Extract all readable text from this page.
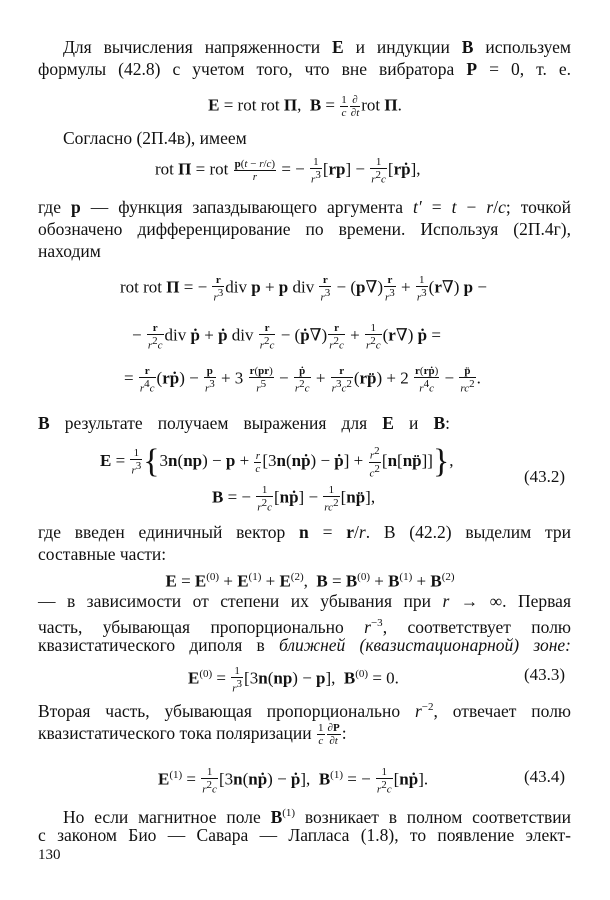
Для вычисления напряженности E и индукции B используем
формулы (42.8) с учетом того, что вне вибратора P = 0, т. е.
E = rot rot Π,  $B = \frac{1}{c} \frac{\partial}{\partial t}$ rot Π.
Согласно (2П.4в), имеем
rot Π = rot $\frac{p(t - r/c)}{r}$ = − $\frac{1}{r^3} [rp] - \frac{1}{r^2c}$ [rṗ],
где p — функция запаздывающего аргумента t′ = t − r/c; точкой
обозначено дифференцирование по времени. Используя (2П.4г),
находим
rot rot Π = − $\frac{r}{r^3}$ div p + p div $\frac{r}{r^3} - (p\nabla) \frac{r}{r^3} + \frac{1}{r^3} (r\nabla) p$ −
− $\frac{r}{r^2c}$ div ṗ + ṗ div $\frac{r}{r^2c}$ − (ṗ∇) $\frac{r}{r^2c} + \frac{1}{r^2c} (r\nabla)$ ṗ =
= $\frac{r}{r^4c}$ (rṗ) − $\frac{p}{r^3} + 3 \frac{r(pr)}{r^5} - \frac{\text{ṗ}}{r^2c} + \frac{r}{r^3c^2}$ (rp̈) + $2 \frac{\text{r(rṗ)}}{r^4c} - \frac{p̈}{rc^2}$ .
В результате получаем выражения для E и B:
$E = \frac{1}{r^3} \{3n(np) - p + \frac{r}{c}$ [3n(nṗ) − ṗ] + $\frac{r^2}{c^2}$ [n[np̈]]},
(43.2)
B = − $\frac{1}{r^2c}$ [nṗ] − $\frac{1}{rc^2}$ [np̈],
где введен единичный вектор n = r/r. В (42.2) выделим три
составные части:
$E = E^{(0)} + E^{(1)} + E^{(2)}$,  $B = B^{(0)} + B^{(1)} + B^{(2)}$
— в зависимости от степени их убывания при r → ∞. Первая
часть, убывающая пропорционально $r^{-3}$, соответствует полю
квазистатического диполя в ближней (квазистационарной) зоне:
$E^{(0)} = \frac{1}{r^3} [3n(np) - p]$,  $B^{(0)} = 0$.	(43.3)
Вторая часть, убывающая пропорционально $r^{-2}$, отвечает полю
квазистатического тока поляризации $\frac{1}{c} \frac{\partial P}{\partial t}$ :
$E^{(1)} = \frac{1}{r^2c}$ [3n(nṗ) − ṗ],  $B^{(1)}$ = − $\frac{1}{r^2c}$ [nṗ].	(43.4)
Но если магнитное поле $B^{(1)}$ возникает в полном соответствии
с законом Био — Савара — Лапласа (1.8), то появление элект-
130
